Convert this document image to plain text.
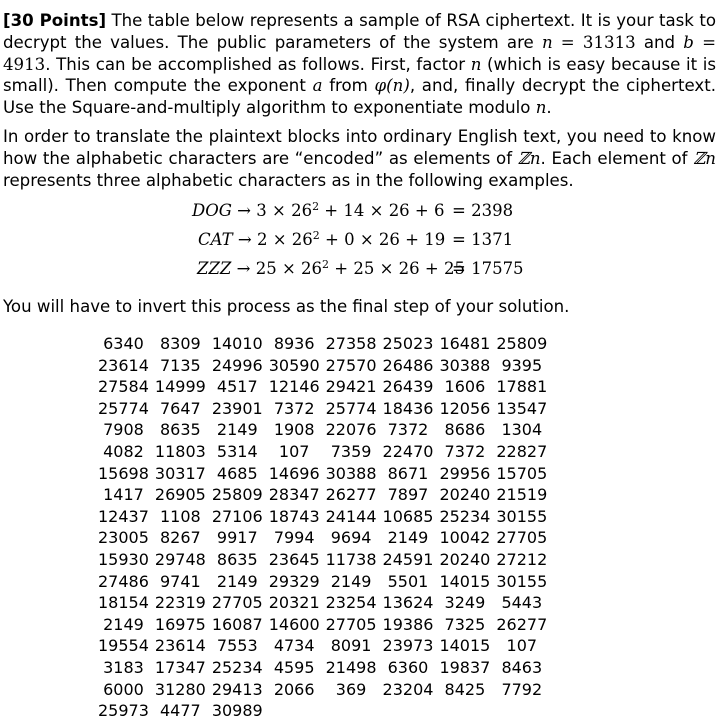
[30 Points] The table below represents a sample of RSA ciphertext. It is your task to decrypt the values. The public parameters of the system are n = 31313 and b = 4913. This can be accomplished as follows. First, factor n (which is easy because it is small). Then compute the exponent a from φ(n), and, finally decrypt the ciphertext. Use the Square-and-multiply algorithm to exponentiate modulo n.
In order to translate the plaintext blocks into ordinary English text, you need to know how the alphabetic characters are “encoded” as elements of ℤn. Each element of ℤn represents three alphabetic characters as in the following examples.
DOG → $3 \times 26^2 + 14 \times 26 + 6 = 2398$
CAT → $2 \times 26^2 + 0 \times 26 + 19 = 1371$
ZZZ → $25 \times 26^2 + 25 \times 26 + 25$
= 17575
You will have to invert this process as the final step of your solution.
6340	8309	14010	8936	27358	25023	16481	25809
23614	7135	24996	30590	27570	26486	30388	9395
27584	14999	4517	12146	29421	26439	1606	17881
25774	7647	23901	7372	25774	18436	12056	13547
7908	8635	2149	1908	22076	7372	8686	1304
4082	11803	5314	107	7359	22470	7372	22827
15698	30317	4685	14696	30388	8671	29956	15705
1417	26905	25809	28347	26277	7897	20240	21519
12437	1108	27106	18743	24144	10685	25234	30155
23005	8267	9917	7994	9694	2149	10042	27705
15930	29748	8635	23645	11738	24591	20240	27212
27486	9741	2149	29329	2149	5501	14015	30155
18154	22319	27705	20321	23254	13624	3249	5443
2149	16975	16087	14600	27705	19386	7325	26277
19554	23614	7553	4734	8091	23973	14015	107
3183	17347	25234	4595	21498	6360	19837	8463
6000	31280	29413	2066	369	23204	8425	7792
25973	4477	30989					
